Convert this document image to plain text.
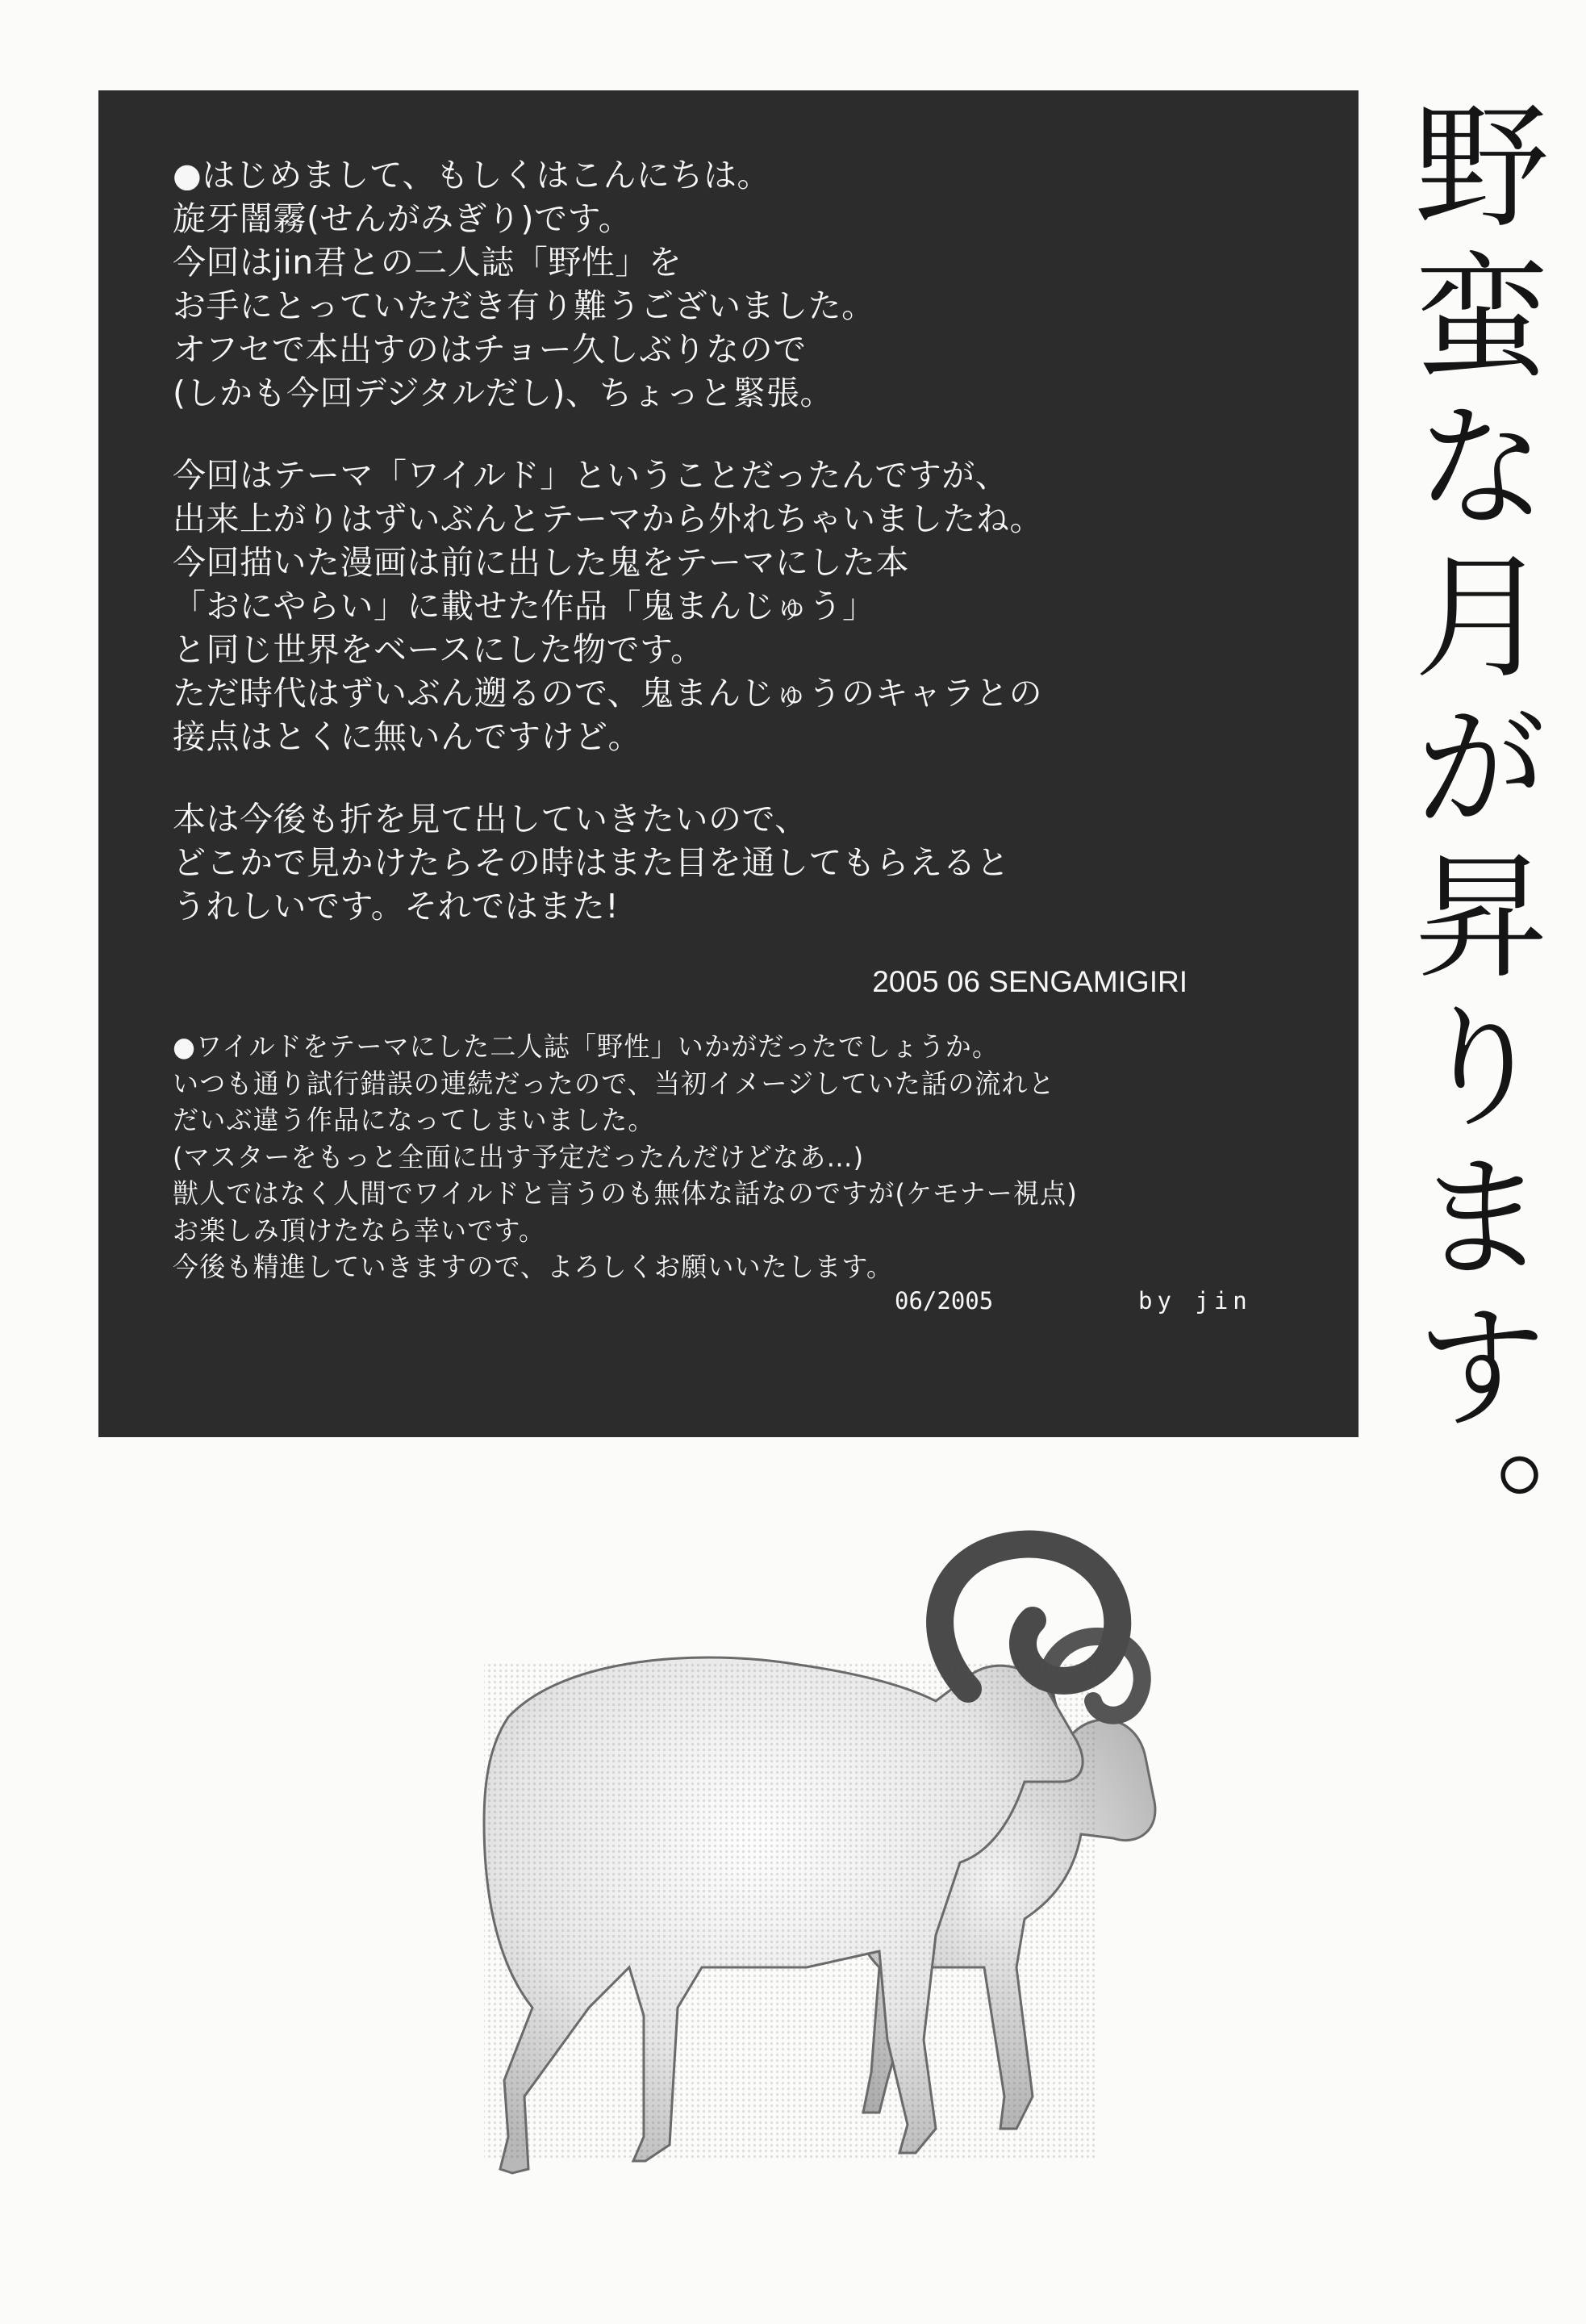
●はじめまして、もしくはこんにちは。
旋牙闇霧(せんがみぎり)です。
今回はjin君との二人誌「野性」を
お手にとっていただき有り難うございました。
オフセで本出すのはチョー久しぶりなので
(しかも今回デジタルだし)、ちょっと緊張。
今回はテーマ「ワイルド」ということだったんですが、
出来上がりはずいぶんとテーマから外れちゃいましたね。
今回描いた漫画は前に出した鬼をテーマにした本
「おにやらい」に載せた作品「鬼まんじゅう」
と同じ世界をベースにした物です。
ただ時代はずいぶん遡るので、鬼まんじゅうのキャラとの
接点はとくに無いんですけど。
本は今後も折を見て出していきたいので、
どこかで見かけたらその時はまた目を通してもらえると
うれしいです。それではまた!
2005 06 SENGAMIGIRI
●ワイルドをテーマにした二人誌「野性」いかがだったでしょうか。
いつも通り試行錯誤の連続だったので、当初イメージしていた話の流れと
だいぶ違う作品になってしまいました。
(マスターをもっと全面に出す予定だったんだけどなあ…)
獣人ではなく人間でワイルドと言うのも無体な話なのですが(ケモナー視点)
お楽しみ頂けたなら幸いです。
今後も精進していきますので、よろしくお願いいたします。
06/2005	by jin 野蛮な月が昇ります。
